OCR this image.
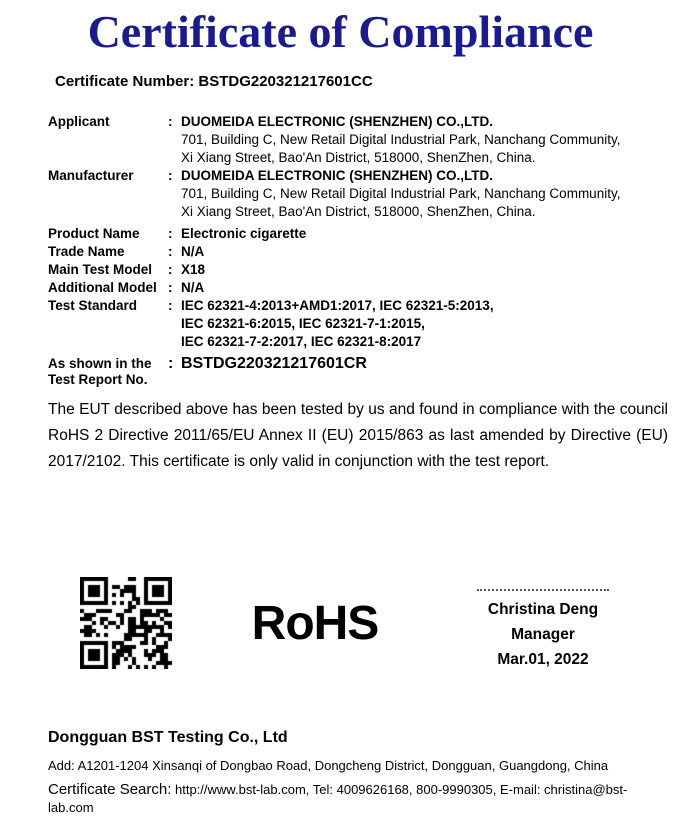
Certificate of Compliance
Certificate Number: BSTDG220321217601CC
Applicant	: DUOMEIDA ELECTRONIC (SHENZHEN) CO.,LTD.
701, Building C, New Retail Digital Industrial Park, Nanchang Community,
Xi Xiang Street, Bao'An District, 518000, ShenZhen, China.
Manufacturer	: DUOMEIDA ELECTRONIC (SHENZHEN) CO.,LTD.
701, Building C, New Retail Digital Industrial Park, Nanchang Community,
Xi Xiang Street, Bao'An District, 518000, ShenZhen, China.
Product Name	: Electronic cigarette
Trade Name	: N/A
Main Test Model	: X18
Additional Model : N/A
Test Standard	: IEC 62321-4:2013+AMD1:2017, IEC 62321-5:2013,
IEC 62321-6:2015, IEC 62321-7-1:2015,
IEC 62321-7-2:2017, IEC 62321-8:2017
As shown in the
Test Report No.
: BSTDG220321217601CR
The EUT described above has been tested by us and found in compliance with the council RoHS 2 Directive 2011/65/EU Annex II (EU) 2015/863 as last amended by Directive (EU) 2017/2102. This certificate is only valid in conjunction with the test report.
RoHS	Christina Deng
Manager
Mar.01, 2022
Dongguan BST Testing Co., Ltd
Add: A1201-1204 Xinsanqi of Dongbao Road, Dongcheng District, Dongguan, Guangdong, China
Certificate Search: http://www.bst-lab.com, Tel: 4009626168, 800-9990305, E-mail: christina@bst-lab.com
